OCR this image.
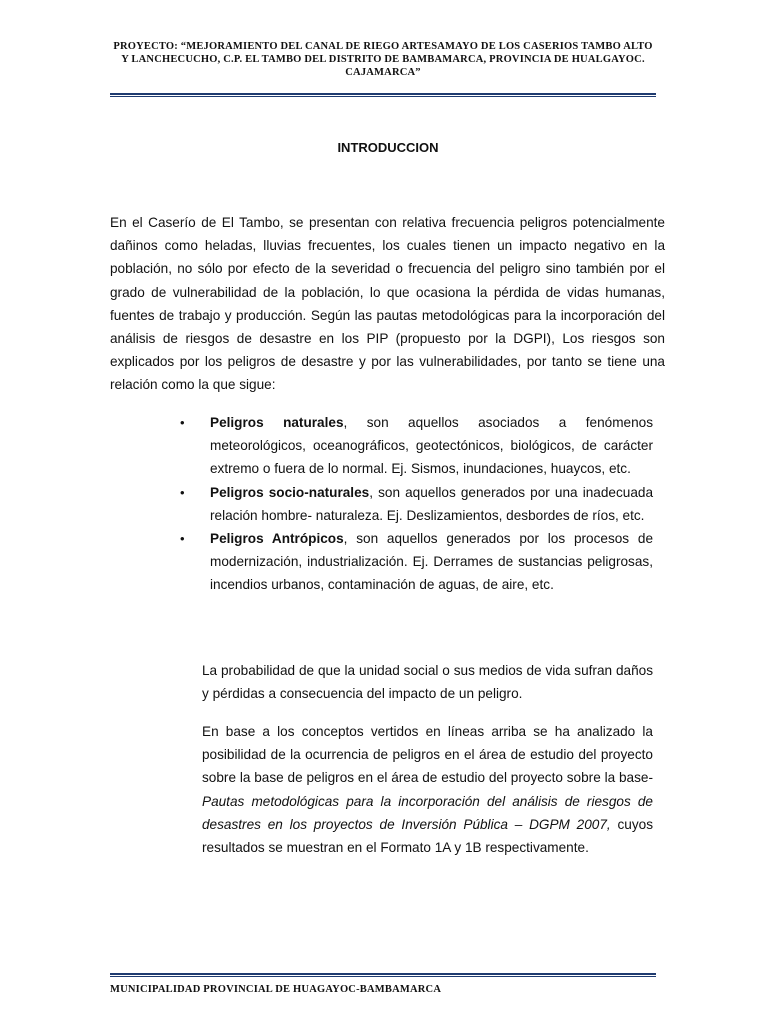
PROYECTO: “MEJORAMIENTO DEL CANAL DE RIEGO ARTESAMAYO DE LOS CASERIOS TAMBO ALTO Y LANCHECUCHO, C.P. EL TAMBO DEL DISTRITO DE BAMBAMARCA, PROVINCIA DE HUALGAYOC. CAJAMARCA”
INTRODUCCION

En el Caserío de El Tambo, se presentan con relativa frecuencia peligros potencialmente dañinos como heladas, lluvias frecuentes, los cuales tienen un impacto negativo en la población, no sólo por efecto de la severidad o frecuencia del peligro sino también por el grado de vulnerabilidad de la población, lo que ocasiona la pérdida de vidas humanas, fuentes de trabajo y producción. Según las pautas metodológicas para la incorporación del análisis de riesgos de desastre en los PIP (propuesto por la DGPI), Los riesgos son explicados por los peligros de desastre y por las vulnerabilidades, por tanto se tiene una relación como la que sigue:

• Peligros naturales, son aquellos asociados a fenómenos meteorológicos, oceanográficos, geotectónicos, biológicos, de carácter extremo o fuera de lo normal. Ej. Sismos, inundaciones, huaycos, etc.
• Peligros socio-naturales, son aquellos generados por una inadecuada relación hombre- naturaleza. Ej. Deslizamientos, desbordes de ríos, etc.
• Peligros Antrópicos, son aquellos generados por los procesos de modernización, industrialización. Ej. Derrames de sustancias peligrosas, incendios urbanos, contaminación de aguas, de aire, etc.

La probabilidad de que la unidad social o sus medios de vida sufran daños y pérdidas a consecuencia del impacto de un peligro.

En base a los conceptos vertidos en líneas arriba se ha analizado la posibilidad de la ocurrencia de peligros en el área de estudio del proyecto sobre la base de peligros en el área de estudio del proyecto sobre la base-Pautas metodológicas para la incorporación del análisis de riesgos de desastres en los proyectos de Inversión Pública – DGPM 2007, cuyos resultados se muestran en el Formato 1A y 1B respectivamente.

MUNICIPALIDAD PROVINCIAL DE HUAGAYOC-BAMBAMARCA
